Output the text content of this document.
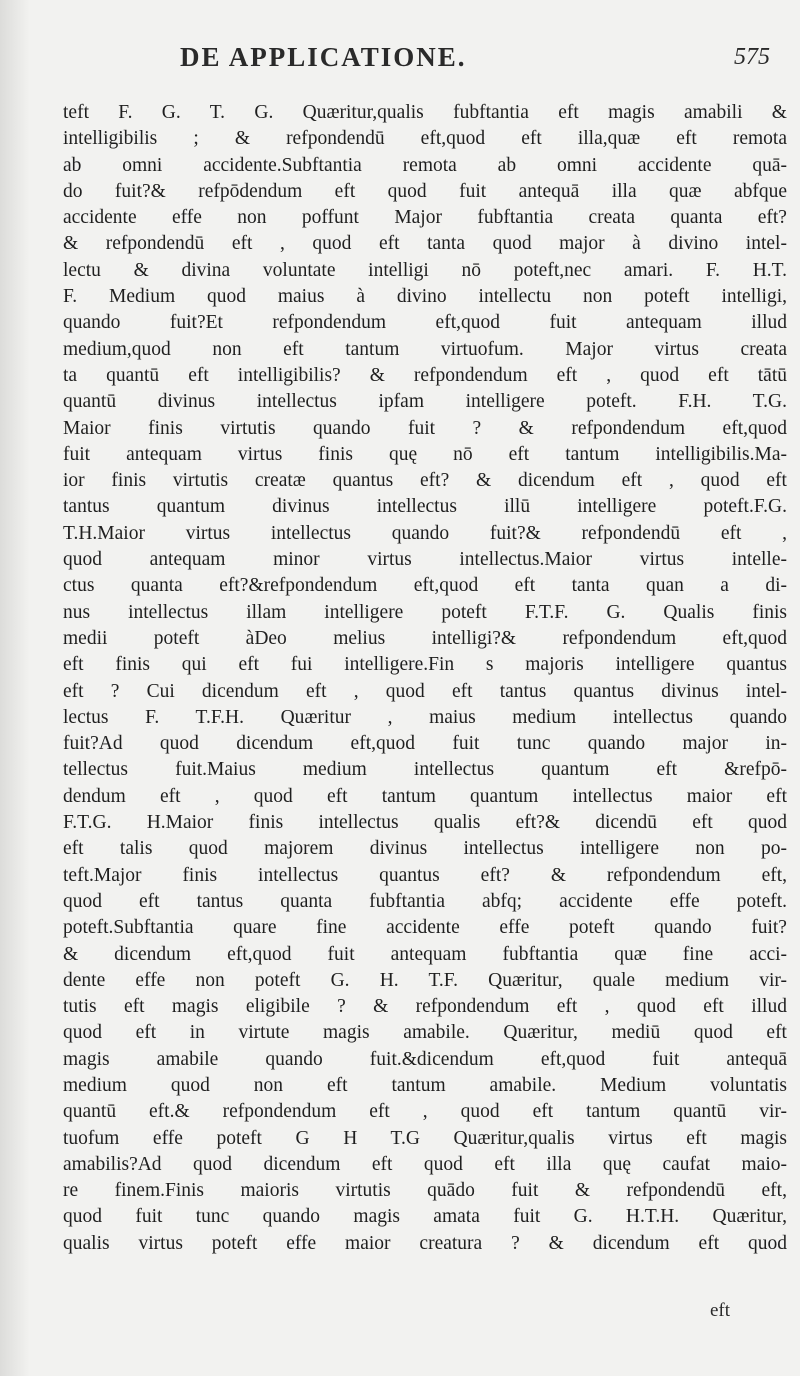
DE APPLICATIONE.	575
teft F. G. T. G. Quæritur,qualis fubftantia eft magis amabili &
intelligibilis ; & refpondendū eft,quod eft illa,quæ eft remota
ab omni accidente.Subftantia remota ab omni accidente quā-
do fuit?& refpōdendum eft quod fuit antequā illa quæ abfque
accidente effe non poffunt Major fubftantia creata quanta eft?
& refpondendū eft , quod eft tanta quod major à divino intel-
lectu & divina voluntate intelligi nō poteft,nec amari. F. H.T.
F. Medium quod maius à divino intellectu non poteft intelligi,
quando fuit?Et refpondendum eft,quod fuit antequam illud
medium,quod non eft tantum virtuofum. Major virtus creata
ta quantū eft intelligibilis? & refpondendum eft , quod eft tātū
quantū divinus intellectus ipfam intelligere poteft. F.H. T.G.
Maior finis virtutis quando fuit ? & refpondendum eft,quod
fuit antequam virtus finis quę nō eft tantum intelligibilis.Ma-
ior finis virtutis creatæ quantus eft? & dicendum eft , quod eft
tantus quantum divinus intellectus illū intelligere poteft.F.G.
T.H.Maior virtus intellectus quando fuit?& refpondendū eft ,
quod antequam minor virtus intellectus.Maior virtus intelle-
ctus quanta eft?&refpondendum eft,quod eft tanta quan a di-
nus intellectus illam intelligere poteft F.T.F. G. Qualis finis
medii poteft àDeo melius intelligi?& refpondendum eft,quod
eft finis qui eft fui intelligere.Fin s majoris intelligere quantus
eft ? Cui dicendum eft , quod eft tantus quantus divinus intel-
lectus F. T.F.H. Quæritur , maius medium intellectus quando
fuit?Ad quod dicendum eft,quod fuit tunc quando major in-
tellectus fuit.Maius medium intellectus quantum eft &refpō-
dendum eft , quod eft tantum quantum intellectus maior eft
F.T.G. H.Maior finis intellectus qualis eft?& dicendū eft quod
eft talis quod majorem divinus intellectus intelligere non po-
teft.Major finis intellectus quantus eft? & refpondendum eft,
quod eft tantus quanta fubftantia abfq; accidente effe poteft.
poteft.Subftantia quare fine accidente effe poteft quando fuit?
& dicendum eft,quod fuit antequam fubftantia quæ fine acci-
dente effe non poteft G. H. T.F. Quæritur, quale medium vir-
tutis eft magis eligibile ? & refpondendum eft , quod eft illud
quod eft in virtute magis amabile. Quæritur, mediū quod eft
magis amabile quando fuit.&dicendum eft,quod fuit antequā
medium quod non eft tantum amabile. Medium voluntatis
quantū eft.& refpondendum eft , quod eft tantum quantū vir-
tuofum effe poteft G H T.G Quæritur,qualis virtus eft magis
amabilis?Ad quod dicendum eft quod eft illa quę caufat maio-
re finem.Finis maioris virtutis quādo fuit & refpondendū eft,
quod fuit tunc quando magis amata fuit G. H.T.H. Quæritur,
qualis virtus poteft effe maior creatura ? & dicendum eft quod
eft
